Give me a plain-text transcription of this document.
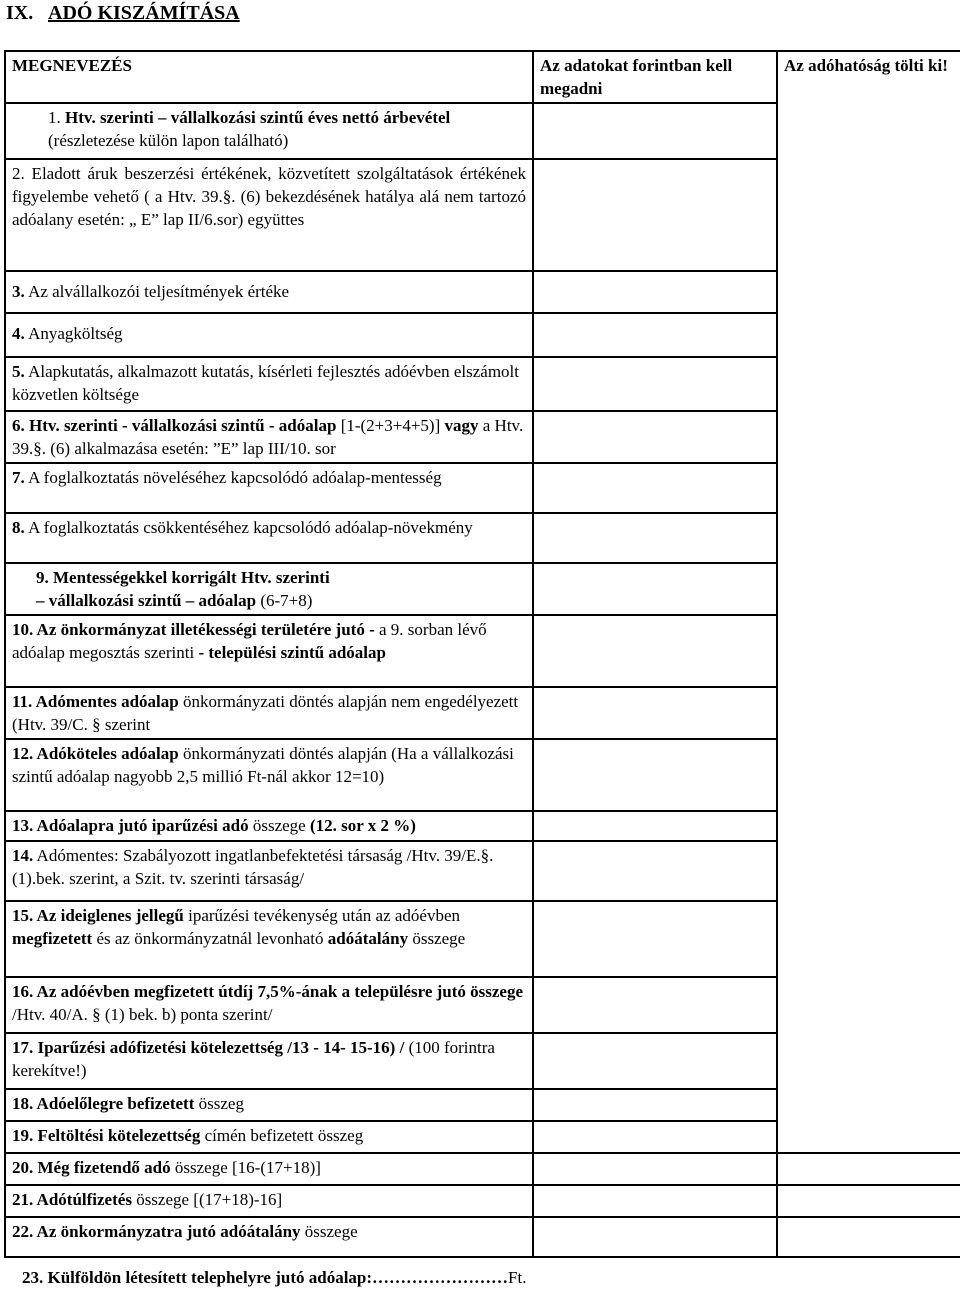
IX. ADÓ KISZÁMÍTÁSA
MEGNEVEZÉS	Az adatokat forintban kell megadni	Az adóhatóság tölti ki!

1. Htv. szerinti – vállalkozási szintű éves nettó árbevétel (részletezése külön lapon található)		

2. Eladott áruk beszerzési értékének, közvetített szolgáltatások értékének figyelembe vehető ( a Htv. 39.§. (6) bekezdésének hatálya alá nem tartozó adóalany esetén: „ E” lap II/6.sor) együttes		

3. Az alvállalkozói teljesítmények értéke		
4. Anyagköltség		
5. Alapkutatás, alkalmazott kutatás, kísérleti fejlesztés adóévben elszámolt közvetlen költsége		
6. Htv. szerinti - vállalkozási szintű - adóalap [1-(2+3+4+5)] vagy a Htv. 39.§. (6) alkalmazása esetén: ”E” lap III/10. sor		
7. A foglalkoztatás növeléséhez kapcsolódó adóalap-mentesség		
8. A foglalkoztatás csökkentéséhez kapcsolódó adóalap-növekmény		

9. Mentességekkel korrigált Htv. szerinti
– vállalkozási szintű – adóalap (6-7+8)		

10. Az önkormányzat illetékességi területére jutó - a 9. sorban lévő adóalap megosztás szerinti - települési szintű adóalap		
11. Adómentes adóalap önkormányzati döntés alapján nem engedélyezett (Htv. 39/C. § szerint		
12. Adóköteles adóalap önkormányzati döntés alapján (Ha a vállalkozási szintű adóalap nagyobb 2,5 millió Ft-nál akkor 12=10)		
13. Adóalapra jutó iparűzési adó összege (12. sor x 2 %)		
14. Adómentes: Szabályozott ingatlanbefektetési társaság /Htv. 39/E.§. (1).bek. szerint, a Szit. tv. szerinti társaság/		
15. Az ideiglenes jellegű iparűzési tevékenység után az adóévben megfizetett és az önkormányzatnál levonható adóátalány összege		
16. Az adóévben megfizetett útdíj 7,5%-ának a településre jutó összege /Htv. 40/A. § (1) bek. b) ponta szerint/		
17. Iparűzési adófizetési kötelezettség /13 - 14- 15-16) / (100 forintra kerekítve!)		
18. Adóelőlegre befizetett összeg		
19. Feltöltési kötelezettség címén befizetett összeg		
20. Még fizetendő adó összege [16-(17+18)]		
21. Adótúlfizetés összege [(17+18)-16]		
22. Az önkormányzatra jutó adóátalány összege		
23. Külföldön létesített telephelyre jutó adóalap:……………………Ft.
